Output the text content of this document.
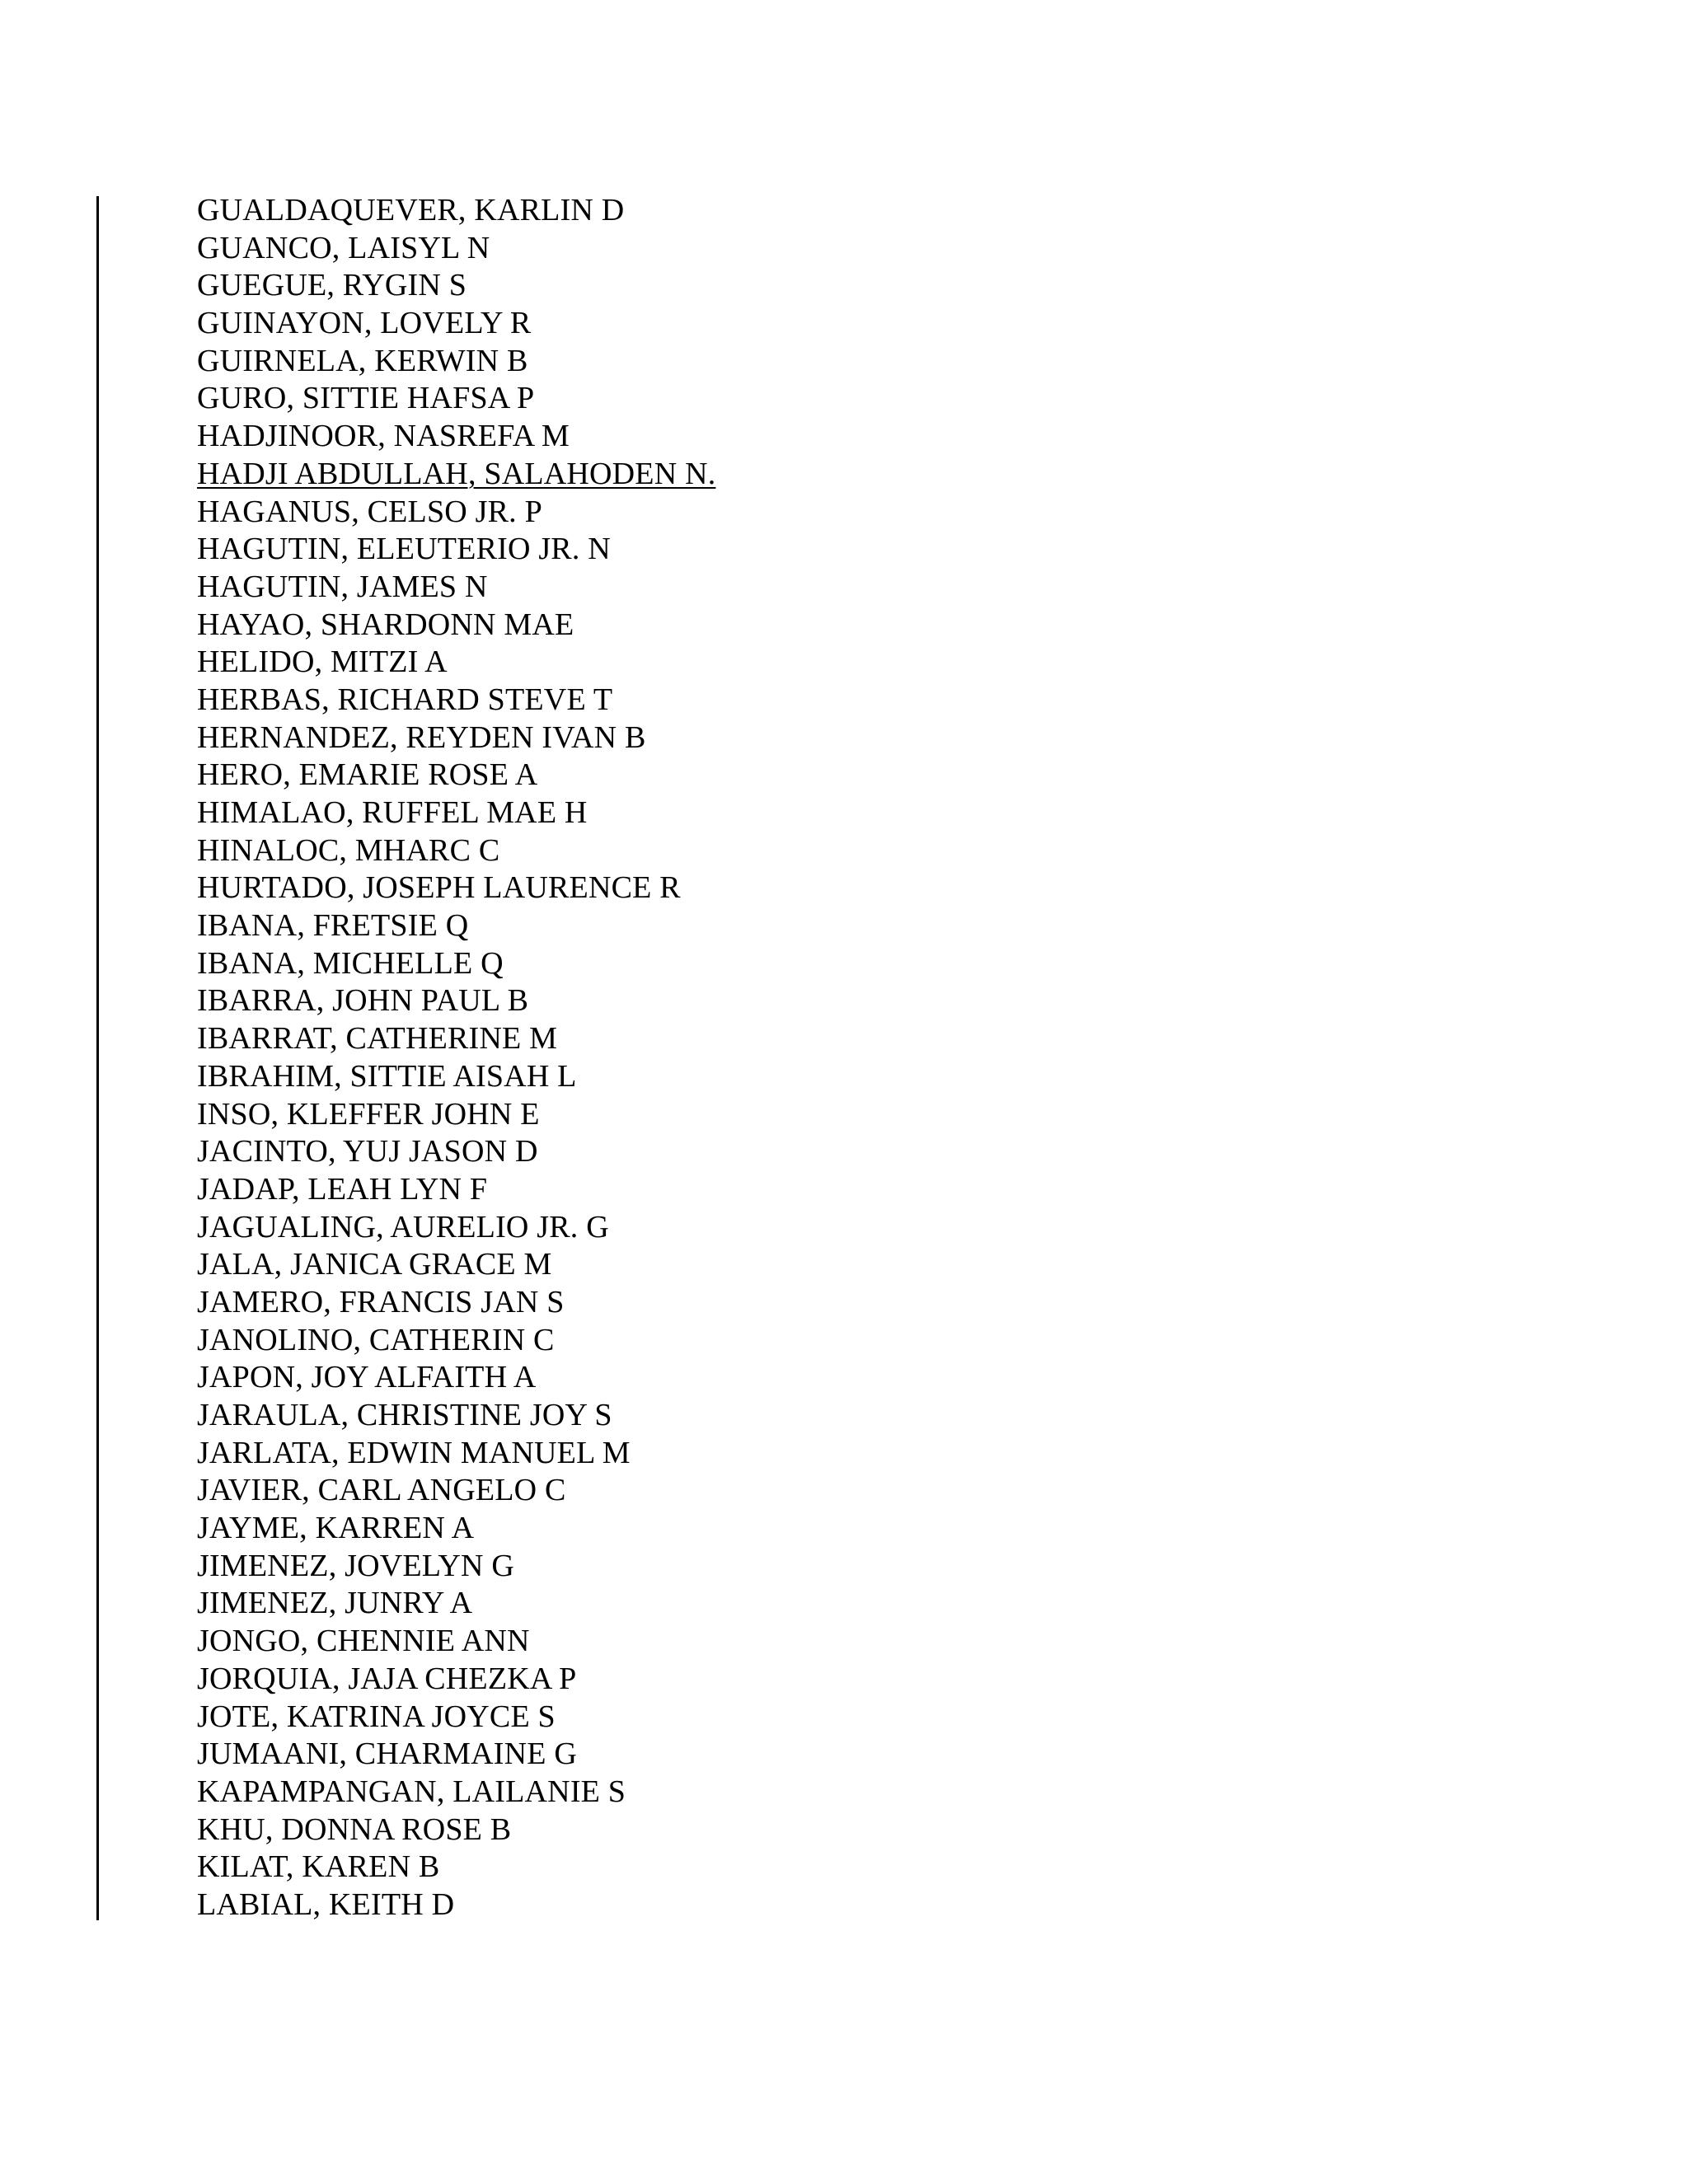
GUALDAQUEVER, KARLIN D
GUANCO, LAISYL N
GUEGUE, RYGIN S
GUINAYON, LOVELY R
GUIRNELA, KERWIN B
GURO, SITTIE HAFSA P
HADJINOOR, NASREFA M
HADJI ABDULLAH, SALAHODEN N.
HAGANUS, CELSO JR. P
HAGUTIN, ELEUTERIO JR. N
HAGUTIN, JAMES N
HAYAO, SHARDONN MAE
HELIDO, MITZI A
HERBAS, RICHARD STEVE T
HERNANDEZ, REYDEN IVAN B
HERO, EMARIE ROSE A
HIMALAO, RUFFEL MAE H
HINALOC, MHARC C
HURTADO, JOSEPH LAURENCE R
IBANA, FRETSIE Q
IBANA, MICHELLE Q
IBARRA, JOHN PAUL B
IBARRAT, CATHERINE M
IBRAHIM, SITTIE AISAH L
INSO, KLEFFER JOHN E
JACINTO, YUJ JASON D
JADAP, LEAH LYN F
JAGUALING, AURELIO JR. G
JALA, JANICA GRACE M
JAMERO, FRANCIS JAN S
JANOLINO, CATHERIN C
JAPON, JOY ALFAITH A
JARAULA, CHRISTINE JOY S
JARLATA, EDWIN MANUEL M
JAVIER, CARL ANGELO C
JAYME, KARREN A
JIMENEZ, JOVELYN G
JIMENEZ, JUNRY A
JONGO, CHENNIE ANN
JORQUIA, JAJA CHEZKA P
JOTE, KATRINA JOYCE S
JUMAANI, CHARMAINE G
KAPAMPANGAN, LAILANIE S
KHU, DONNA ROSE B
KILAT, KAREN B
LABIAL, KEITH D
